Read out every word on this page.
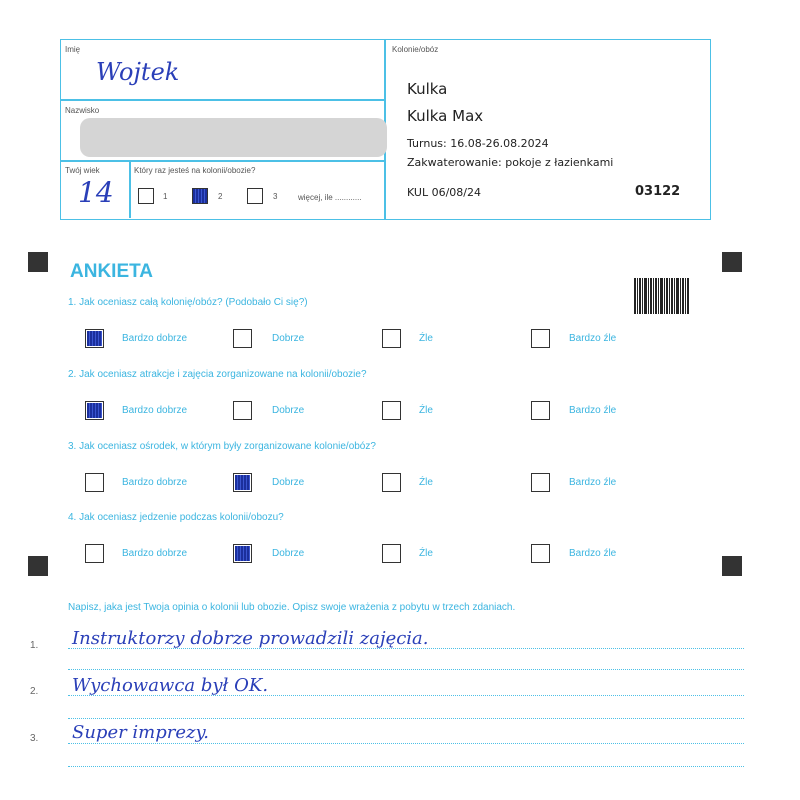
Imię
Wojtek
Nazwisko
Twój wiek
14
Który raz jesteś na kolonii/obozie?
1	2	3	więcej, ile ............
Kolonie/obóz
Kulka
Kulka Max
Turnus: 16.08-26.08.2024
Zakwaterowanie: pokoje z łazienkami
KUL 06/08/24	03122
ANKIETA
1. Jak oceniasz całą kolonię/obóz? (Podobało Ci się?)
Bardzo dobrze	Dobrze	Źle	Bardzo źle
2. Jak oceniasz atrakcje i zajęcia zorganizowane na kolonii/obozie?
Bardzo dobrze	Dobrze	Źle	Bardzo źle
3. Jak oceniasz ośrodek, w którym były zorganizowane kolonie/obóz?
Bardzo dobrze	Dobrze	Źle	Bardzo źle
4. Jak oceniasz jedzenie podczas kolonii/obozu?
Bardzo dobrze	Dobrze	Źle	Bardzo źle
Napisz, jaka jest Twoja opinia o kolonii lub obozie. Opisz swoje wrażenia z pobytu w trzech zdaniach.
1. Instruktorzy dobrze prowadzili zajęcia.
2. Wychowawca był OK.
3. Super imprezy.
